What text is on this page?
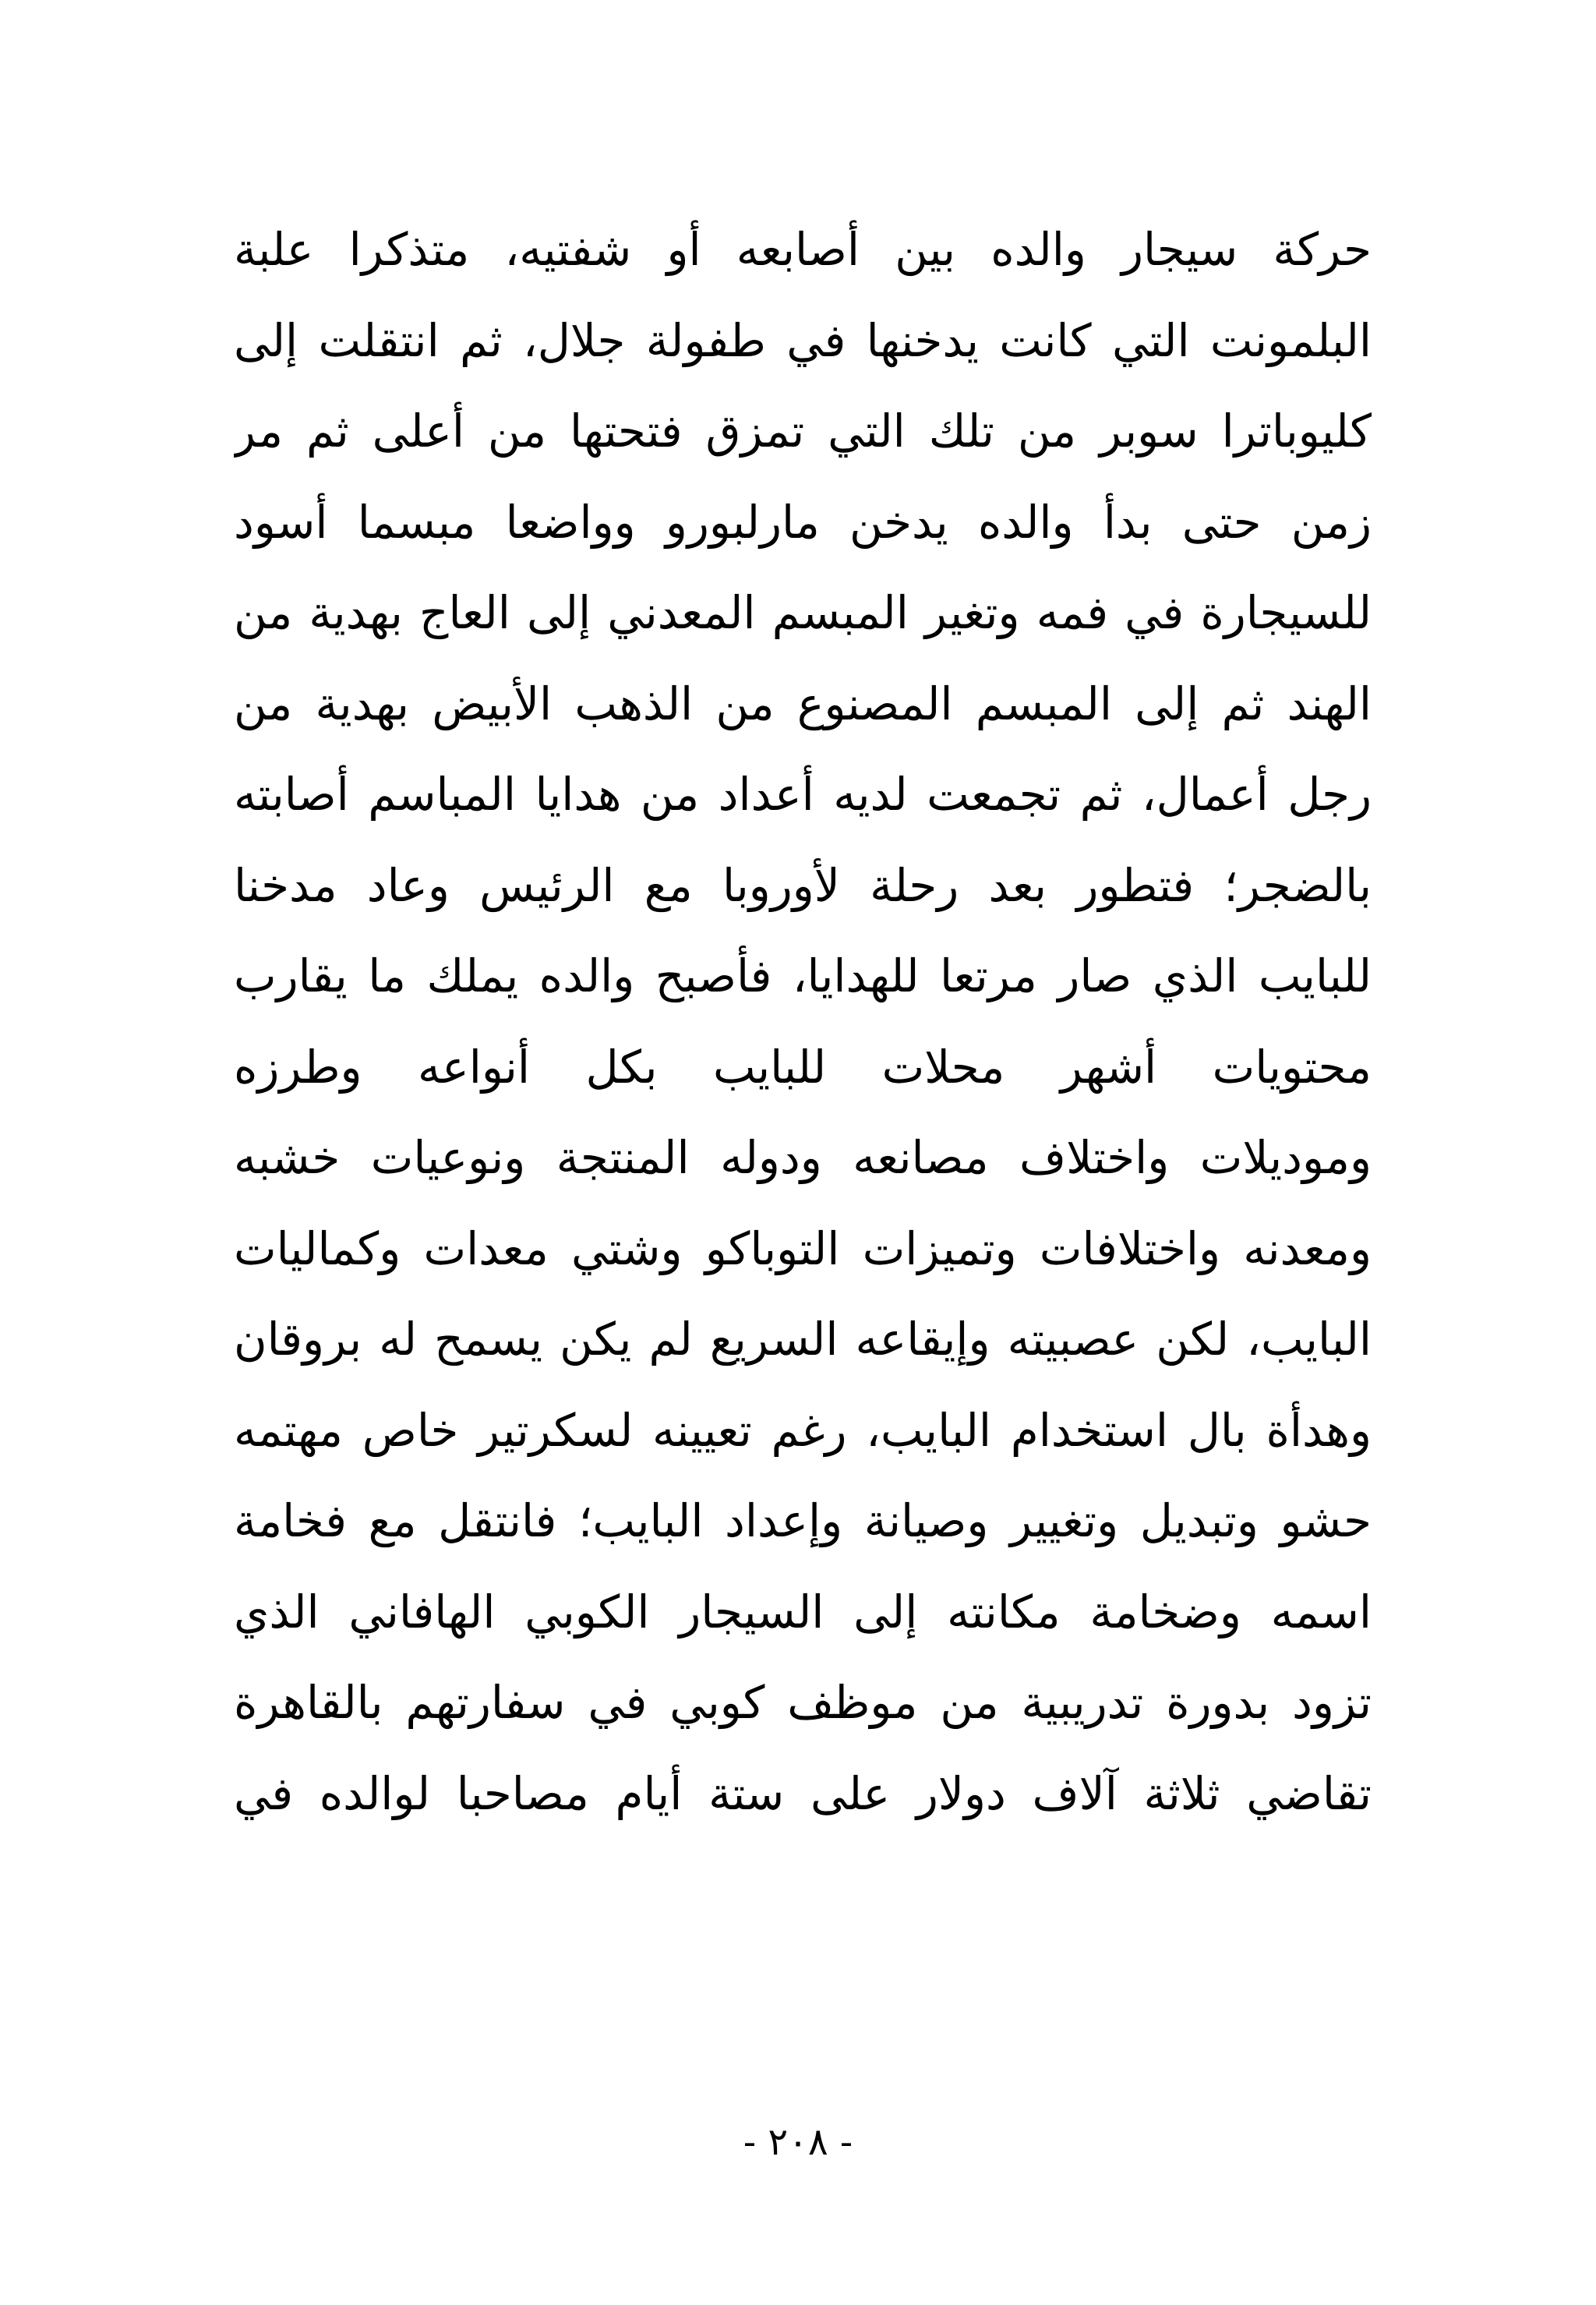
حركة سيجار والده بين أصابعه أو شفتيه، متذكرا علبة
البلمونت التي كانت يدخنها في طفولة جلال، ثم انتقلت إلى
كليوباترا سوبر من تلك التي تمزق فتحتها من أعلى ثم مر
زمن حتى بدأ والده يدخن مارلبورو وواضعا مبسما أسود
للسيجارة في فمه وتغير المبسم المعدني إلى العاج بهدية من
الهند ثم إلى المبسم المصنوع من الذهب الأبيض بهدية من
رجل أعمال، ثم تجمعت لديه أعداد من هدايا المباسم أصابته
بالضجر؛ فتطور بعد رحلة لأوروبا مع الرئيس وعاد مدخنا
للبايب الذي صار مرتعا للهدايا، فأصبح والده يملك ما يقارب
محتويات أشهر محلات للبايب بكل أنواعه وطرزه
وموديلات واختلاف مصانعه ودوله المنتجة ونوعيات خشبه
ومعدنه واختلافات وتميزات التوباكو وشتي معدات وكماليات
البايب، لكن عصبيته وإيقاعه السريع لم يكن يسمح له بروقان
وهدأة بال استخدام البايب، رغم تعيينه لسكرتير خاص مهتمه
حشو وتبديل وتغيير وصيانة وإعداد البايب؛ فانتقل مع فخامة
اسمه وضخامة مكانته إلى السيجار الكوبي الهافاني الذي
تزود بدورة تدريبية من موظف كوبي في سفارتهم بالقاهرة
تقاضي ثلاثة آلاف دولار على ستة أيام مصاحبا لوالده في
- ٢٠٨ -
